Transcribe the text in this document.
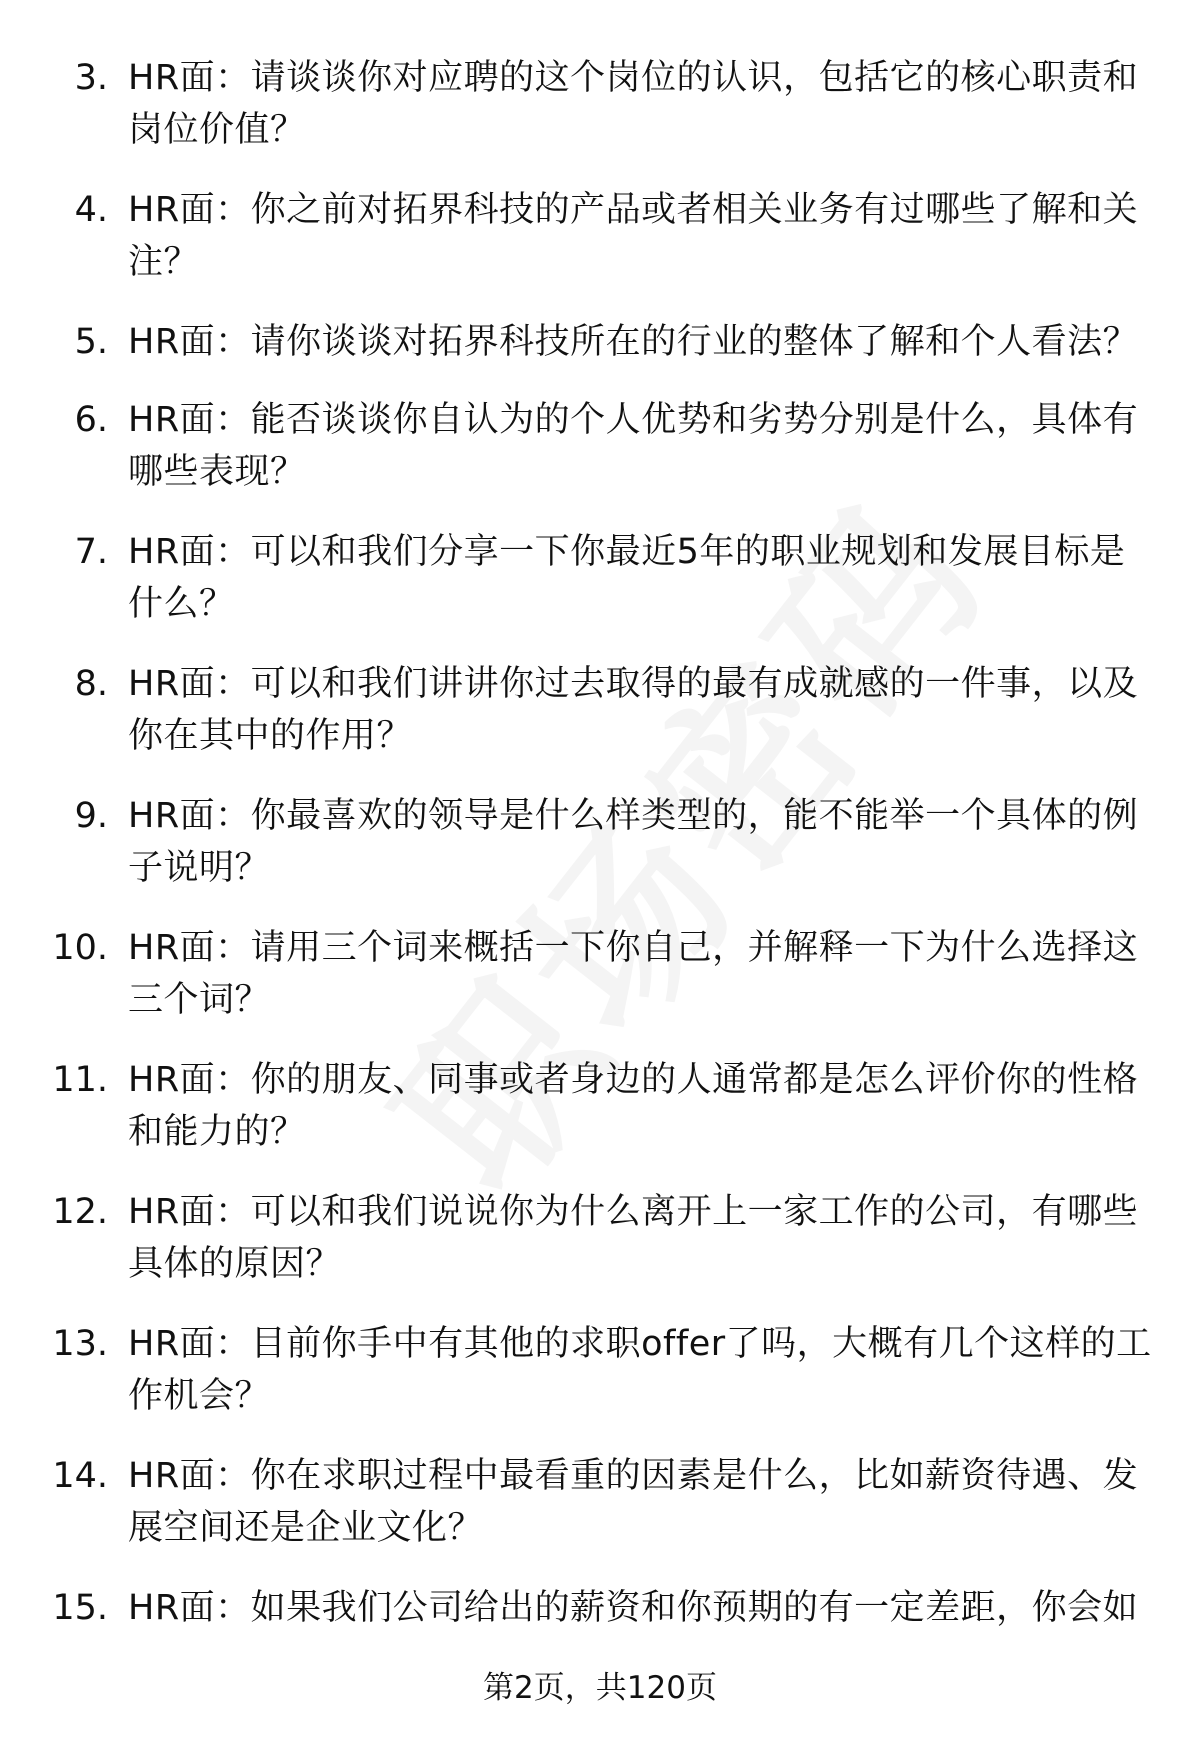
3. HR面：请谈谈你对应聘的这个岗位的认识，包括它的核心职责和岗位价值？
4. HR面：你之前对拓界科技的产品或者相关业务有过哪些了解和关注？
5. HR面：请你谈谈对拓界科技所在的行业的整体了解和个人看法？
6. HR面：能否谈谈你自认为的个人优势和劣势分别是什么，具体有哪些表现？
7. HR面：可以和我们分享一下你最近5年的职业规划和发展目标是什么？
8. HR面：可以和我们讲讲你过去取得的最有成就感的一件事，以及你在其中的作用？
9. HR面：你最喜欢的领导是什么样类型的，能不能举一个具体的例子说明？
10. HR面：请用三个词来概括一下你自己，并解释一下为什么选择这三个词？
11. HR面：你的朋友、同事或者身边的人通常都是怎么评价你的性格和能力的？
12. HR面：可以和我们说说你为什么离开上一家工作的公司，有哪些具体的原因？
13. HR面：目前你手中有其他的求职offer了吗，大概有几个这样的工作机会？
14. HR面：你在求职过程中最看重的因素是什么，比如薪资待遇、发展空间还是企业文化？
15. HR面：如果我们公司给出的薪资和你预期的有一定差距，你会如
第2页，共120页
